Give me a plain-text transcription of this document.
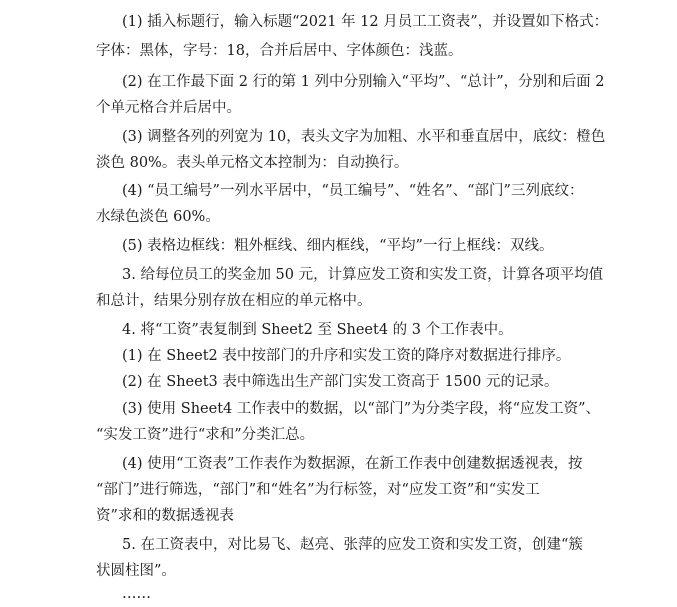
(1) 插入标题行，输入标题“2021 年 12 月员工工资表”，并设置如下格式：
字体：黑体，字号：18，合并后居中、字体颜色：浅蓝。
(2) 在工作最下面 2 行的第 1 列中分别输入“平均”、“总计”，分别和后面 2
个单元格合并后居中。
(3) 调整各列的列宽为 10，表头文字为加粗、水平和垂直居中，底纹：橙色
淡色 80%。表头单元格文本控制为：自动换行。
(4) “员工编号”一列水平居中，“员工编号”、“姓名”、“部门”三列底纹：
水绿色淡色 60%。
(5) 表格边框线：粗外框线、细内框线，“平均”一行上框线：双线。
3. 给每位员工的奖金加 50 元，计算应发工资和实发工资，计算各项平均值
和总计，结果分别存放在相应的单元格中。
4. 将“工资”表复制到 Sheet2 至 Sheet4 的 3 个工作表中。
(1) 在 Sheet2 表中按部门的升序和实发工资的降序对数据进行排序。
(2) 在 Sheet3 表中筛选出生产部门实发工资高于 1500 元的记录。
(3) 使用 Sheet4 工作表中的数据，以“部门”为分类字段，将“应发工资”、
“实发工资”进行“求和”分类汇总。
(4) 使用“工资表”工作表作为数据源，在新工作表中创建数据透视表，按
“部门”进行筛选，“部门”和“姓名”为行标签，对“应发工资”和“实发工
资”求和的数据透视表
5. 在工资表中，对比易飞、赵亮、张萍的应发工资和实发工资，创建“簇
状圆柱图”。
……
